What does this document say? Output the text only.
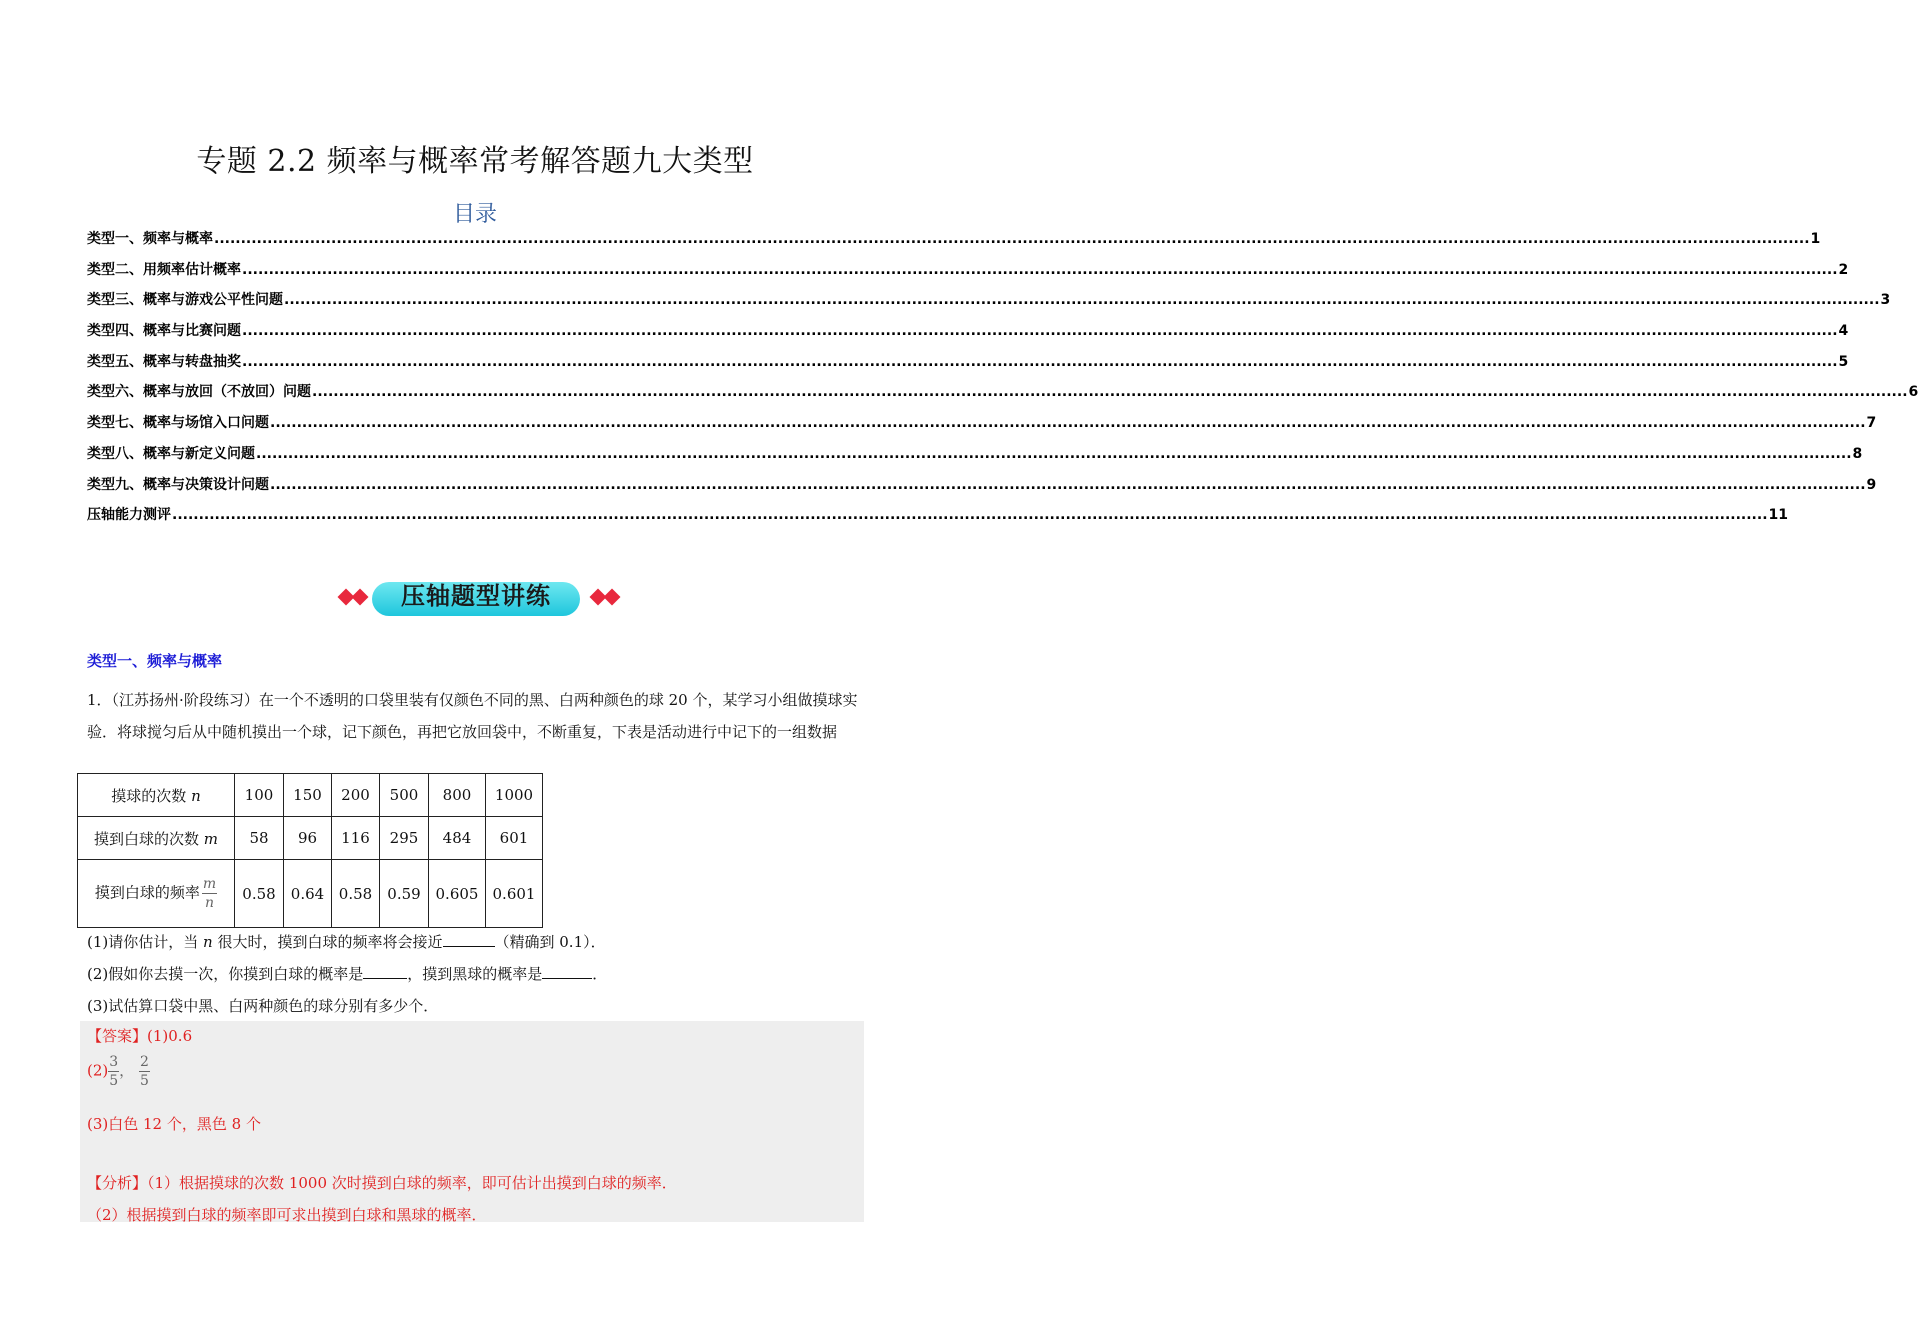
专题 2.2 频率与概率常考解答题九大类型
目录
类型一、频率与概率 ............................................................................................................................................................................................................................................................................................................ 1
类型二、用频率估计概率 ............................................................................................................................................................................................................................................................................................................ 2
类型三、概率与游戏公平性问题 ............................................................................................................................................................................................................................................................................................................ 3
类型四、概率与比赛问题 ............................................................................................................................................................................................................................................................................................................ 4
类型五、概率与转盘抽奖 ............................................................................................................................................................................................................................................................................................................ 5
类型六、概率与放回（不放回）问题 ............................................................................................................................................................................................................................................................................................................ 6
类型七、概率与场馆入口问题 ............................................................................................................................................................................................................................................................................................................ 7
类型八、概率与新定义问题 ............................................................................................................................................................................................................................................................................................................ 8
类型九、概率与决策设计问题 ............................................................................................................................................................................................................................................................................................................ 9
压轴能力测评 ............................................................................................................................................................................................................................................................................................................ 11
压轴题型讲练
类型一、频率与概率
1．（江苏扬州·阶段练习）在一个不透明的口袋里装有仅颜色不同的黑、白两种颜色的球 20 个，某学习小组做摸球实验．将球搅匀后从中随机摸出一个球，记下颜色，再把它放回袋中，不断重复，下表是活动进行中记下的一组数据
摸球的次数 n	100	150	200	500	800	1000
摸到白球的次数 m	58	96	116	295	484	601
摸到白球的频率 $\frac{m}{n}$	0.58	0.64	0.58	0.59	0.605	0.601
(1)请你估计，当 n 很大时，摸到白球的频率将会接近	（精确到 0.1）．
(2)假如你去摸一次，你摸到白球的概率是	，摸到黑球的概率是	．
(3)试估算口袋中黑、白两种颜色的球分别有多少个．
【答案】(1)0.6
$(2) \frac{3}{5}$ ， $\frac{2}{5}$
(3)白色 12 个，黑色 8 个
【分析】（1）根据摸球的次数 1000 次时摸到白球的频率，即可估计出摸到白球的频率．
（2）根据摸到白球的频率即可求出摸到白球和黑球的概率．
